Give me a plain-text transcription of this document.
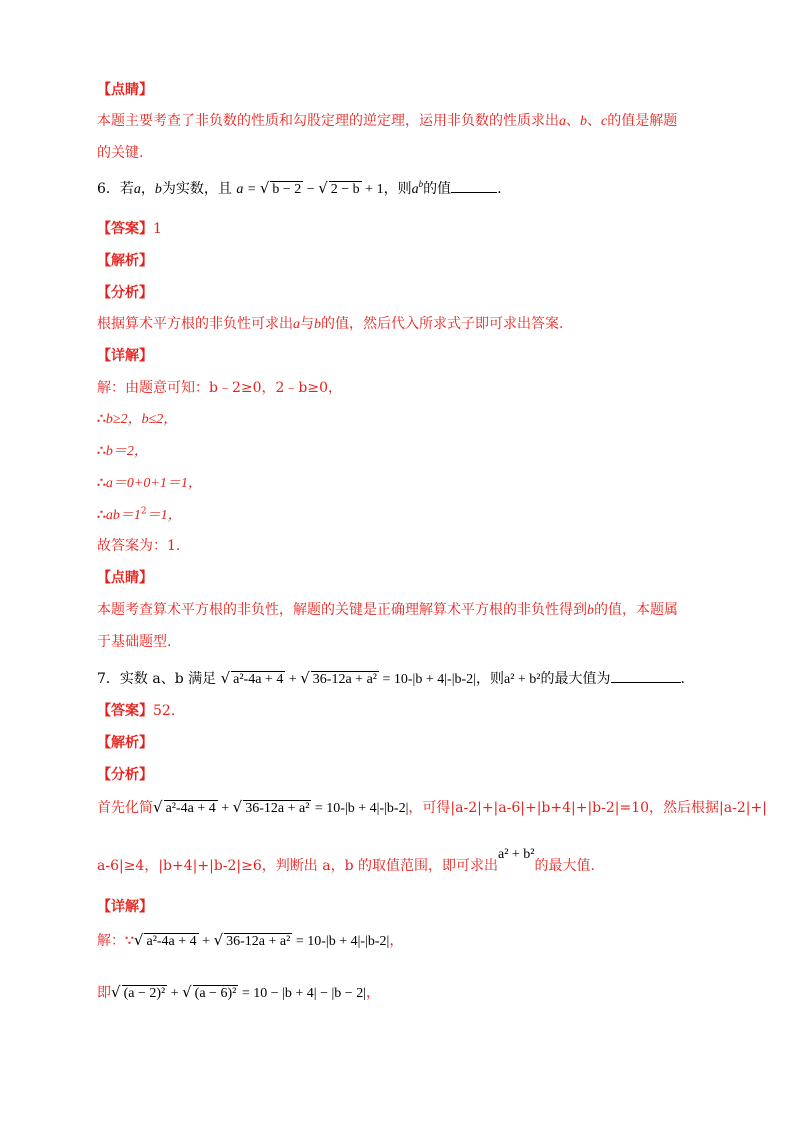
【点睛】
本题主要考查了非负数的性质和勾股定理的逆定理，运用非负数的性质求出a、b、c的值是解题
的关键.
6．若a，b为实数，且 a = √ b − 2 − √ 2 − b + 1，则$a^b$的值	.
【答案】1
【解析】
【分析】
根据算术平方根的非负性可求出a与b的值，然后代入所求式子即可求出答案.
【详解】
解：由题意可知：b﹣2≥0，2﹣b≥0，
∴b≥2，b≤2，
∴b＝2，
∴a＝0+0+1＝1，
$\therefore ab=1^2=1$，
故答案为：1.
【点睛】
本题考查算术平方根的非负性，解题的关键是正确理解算术平方根的非负性得到b的值，本题属
于基础题型.
7．实数 a、b 满足 √ a²-4a + 4 + √ 36-12a + a² = 10-|b + 4|-|b-2|，则a² + b²的最大值为	.
【答案】52.
【解析】
【分析】
首先化简√ a²-4a + 4 + √ 36-12a + a² = 10-|b + 4|-|b-2|，可得|a-2|+|a-6|+|b+4|+|b-2|=10，然后根据|a-2|+|
a-6|≥4，|b+4|+|b-2|≥6，判断出 a，b 的取值范围，即可求出a² + b²的最大值.
【详解】
解：∵√ a²-4a + 4 + √ 36-12a + a² = 10-|b + 4|-|b-2|，
即√ (a − 2)² + √ (a − 6)² = 10 − |b + 4| − |b − 2|，
